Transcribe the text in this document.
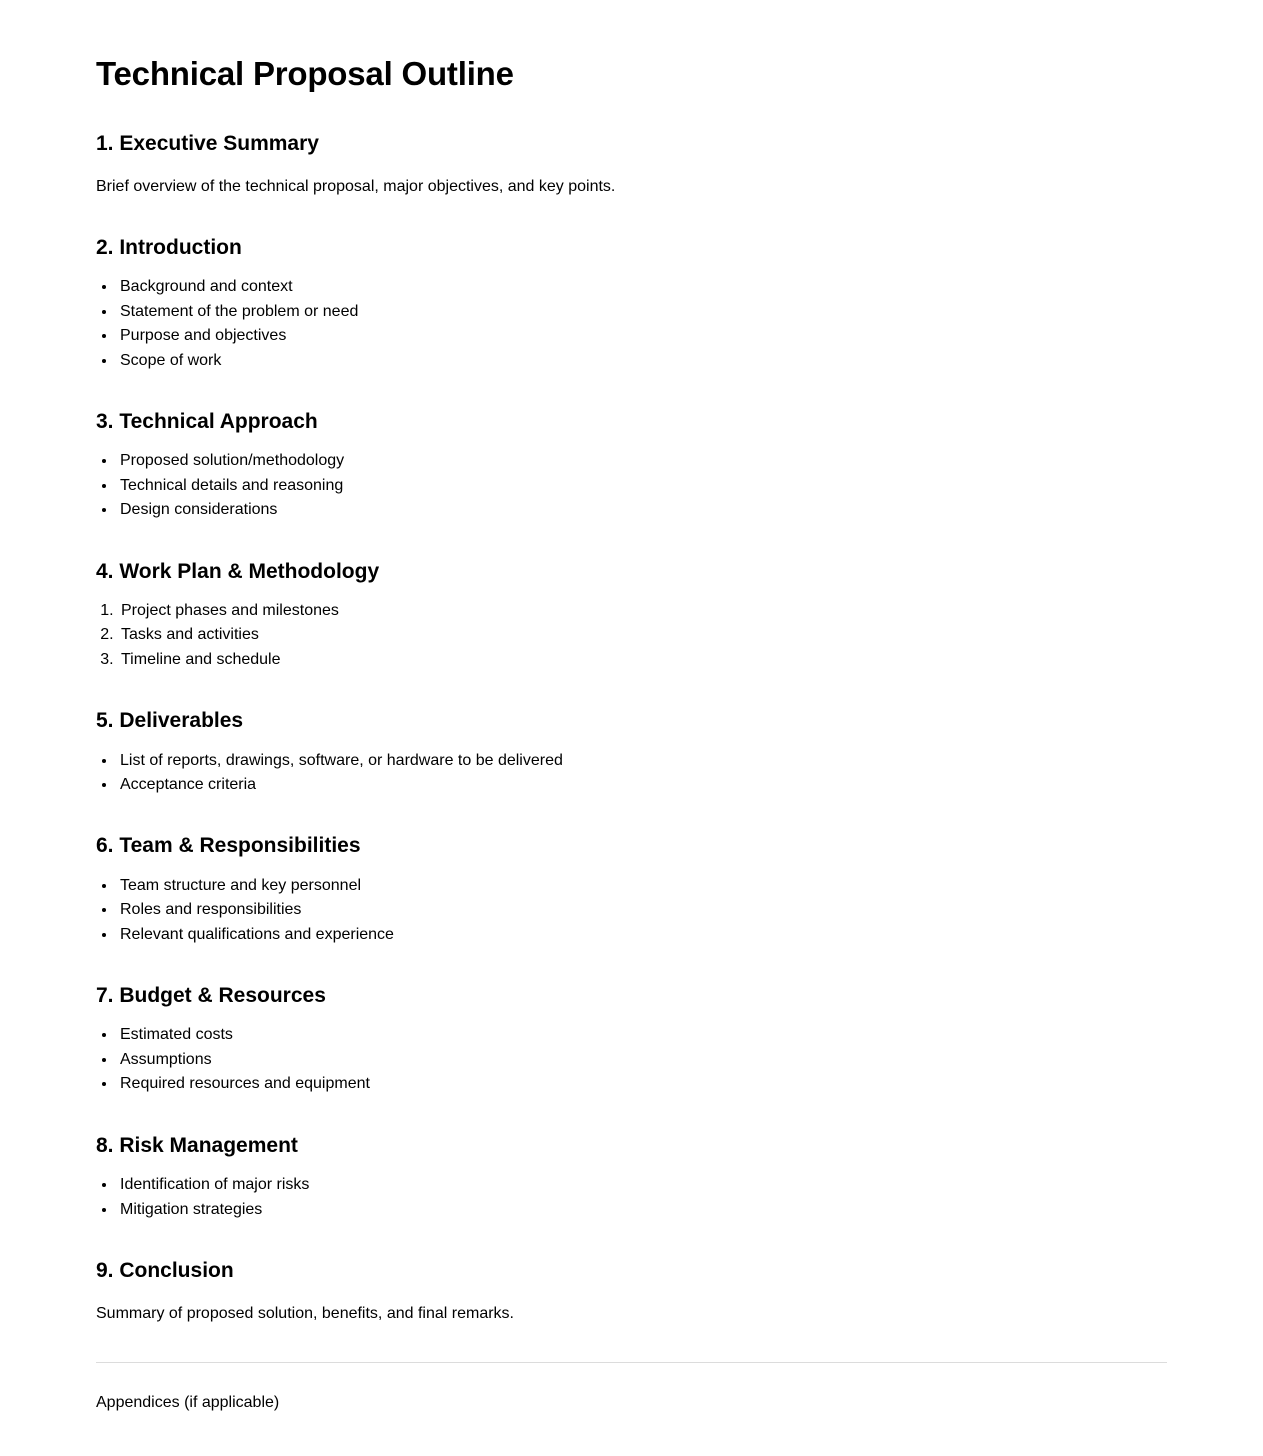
Technical Proposal Outline
1. Executive Summary

Brief overview of the technical proposal, major objectives, and key points.

2. Introduction
• Background and context
• Statement of the problem or need
• Purpose and objectives
• Scope of work
3. Technical Approach
• Proposed solution/methodology
• Technical details and reasoning
• Design considerations
4. Work Plan & Methodology
1. Project phases and milestones
2. Tasks and activities
3. Timeline and schedule
5. Deliverables
• List of reports, drawings, software, or hardware to be delivered
• Acceptance criteria
6. Team & Responsibilities
• Team structure and key personnel
• Roles and responsibilities
• Relevant qualifications and experience
7. Budget & Resources
• Estimated costs
• Assumptions
• Required resources and equipment
8. Risk Management
• Identification of major risks
• Mitigation strategies
9. Conclusion

Summary of proposed solution, benefits, and final remarks.

Appendices (if applicable)
